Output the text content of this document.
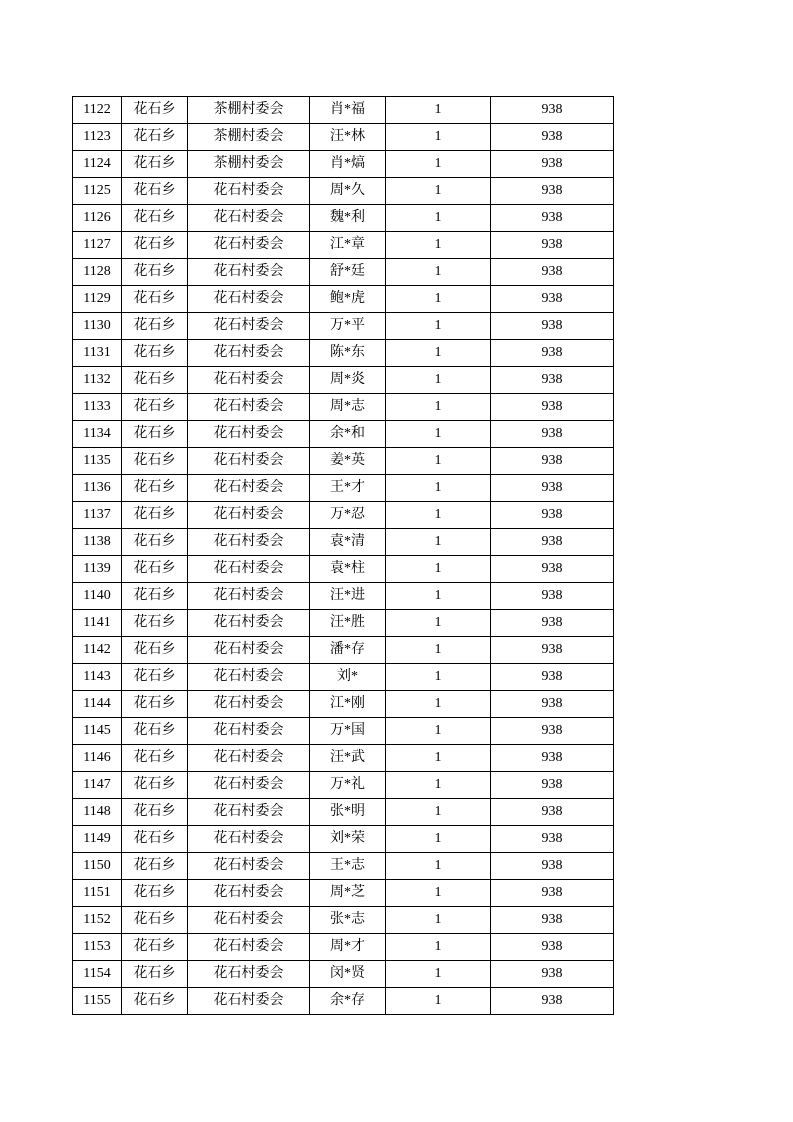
1122	花石乡	茶棚村委会	肖*福	1	938
1123	花石乡	茶棚村委会	汪*林	1	938
1124	花石乡	茶棚村委会	肖*熇	1	938
1125	花石乡	花石村委会	周*久	1	938
1126	花石乡	花石村委会	魏*利	1	938
1127	花石乡	花石村委会	江*章	1	938
1128	花石乡	花石村委会	舒*廷	1	938
1129	花石乡	花石村委会	鲍*虎	1	938
1130	花石乡	花石村委会	万*平	1	938
1131	花石乡	花石村委会	陈*东	1	938
1132	花石乡	花石村委会	周*炎	1	938
1133	花石乡	花石村委会	周*志	1	938
1134	花石乡	花石村委会	余*和	1	938
1135	花石乡	花石村委会	姜*英	1	938
1136	花石乡	花石村委会	王*才	1	938
1137	花石乡	花石村委会	万*忍	1	938
1138	花石乡	花石村委会	袁*清	1	938
1139	花石乡	花石村委会	袁*柱	1	938
1140	花石乡	花石村委会	汪*进	1	938
1141	花石乡	花石村委会	汪*胜	1	938
1142	花石乡	花石村委会	潘*存	1	938
1143	花石乡	花石村委会	刘*	1	938
1144	花石乡	花石村委会	江*刚	1	938
1145	花石乡	花石村委会	万*国	1	938
1146	花石乡	花石村委会	汪*武	1	938
1147	花石乡	花石村委会	万*礼	1	938
1148	花石乡	花石村委会	张*明	1	938
1149	花石乡	花石村委会	刘*荣	1	938
1150	花石乡	花石村委会	王*志	1	938
1151	花石乡	花石村委会	周*芝	1	938
1152	花石乡	花石村委会	张*志	1	938
1153	花石乡	花石村委会	周*才	1	938
1154	花石乡	花石村委会	闵*贤	1	938
1155	花石乡	花石村委会	余*存	1	938
